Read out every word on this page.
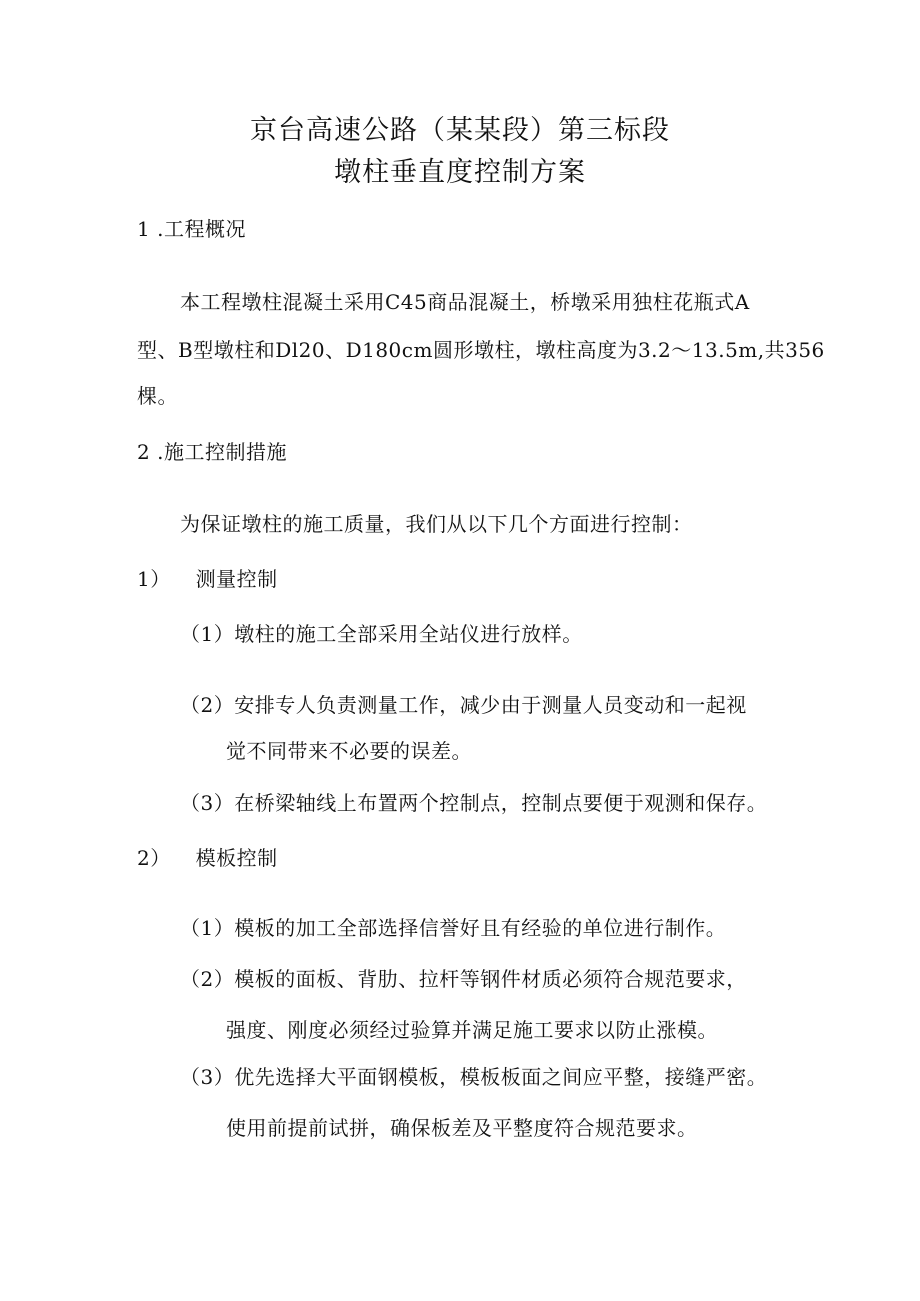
京台高速公路（某某段）第三标段
墩柱垂直度控制方案
1 .工程概况
本工程墩柱混凝土采用C45商品混凝土，桥墩采用独柱花瓶式A
型、B型墩柱和Dl20、D180cm圆形墩柱，墩柱高度为3.2～13.5m,共356
棵。
2 .施工控制措施
为保证墩柱的施工质量，我们从以下几个方面进行控制：
1） 测量控制
（1）墩柱的施工全部采用全站仪进行放样。
（2）安排专人负责测量工作，减少由于测量人员变动和一起视
觉不同带来不必要的误差。
（3）在桥梁轴线上布置两个控制点，控制点要便于观测和保存。
2） 模板控制
（1）模板的加工全部选择信誉好且有经验的单位进行制作。
（2）模板的面板、背肋、拉杆等钢件材质必须符合规范要求，
强度、刚度必须经过验算并满足施工要求以防止涨模。
（3）优先选择大平面钢模板，模板板面之间应平整，接缝严密。
使用前提前试拼，确保板差及平整度符合规范要求。
